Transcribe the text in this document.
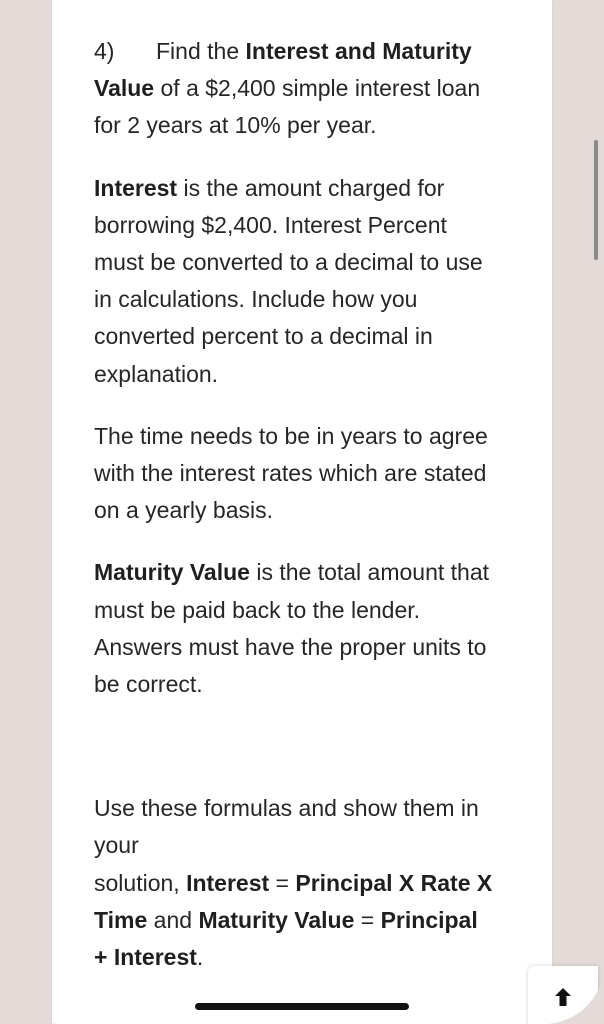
4) Find the Interest and Maturity Value of a $2,400 simple interest loan for 2 years at 10% per year.

Interest is the amount charged for borrowing $2,400. Interest Percent must be converted to a decimal to use in calculations. Include how you converted percent to a decimal in explanation.

The time needs to be in years to agree with the interest rates which are stated on a yearly basis.

Maturity Value is the total amount that must be paid back to the lender. Answers must have the proper units to be correct.

Use these formulas and show them in your
solution, Interest = Principal X Rate X Time and Maturity Value = Principal + Interest.
